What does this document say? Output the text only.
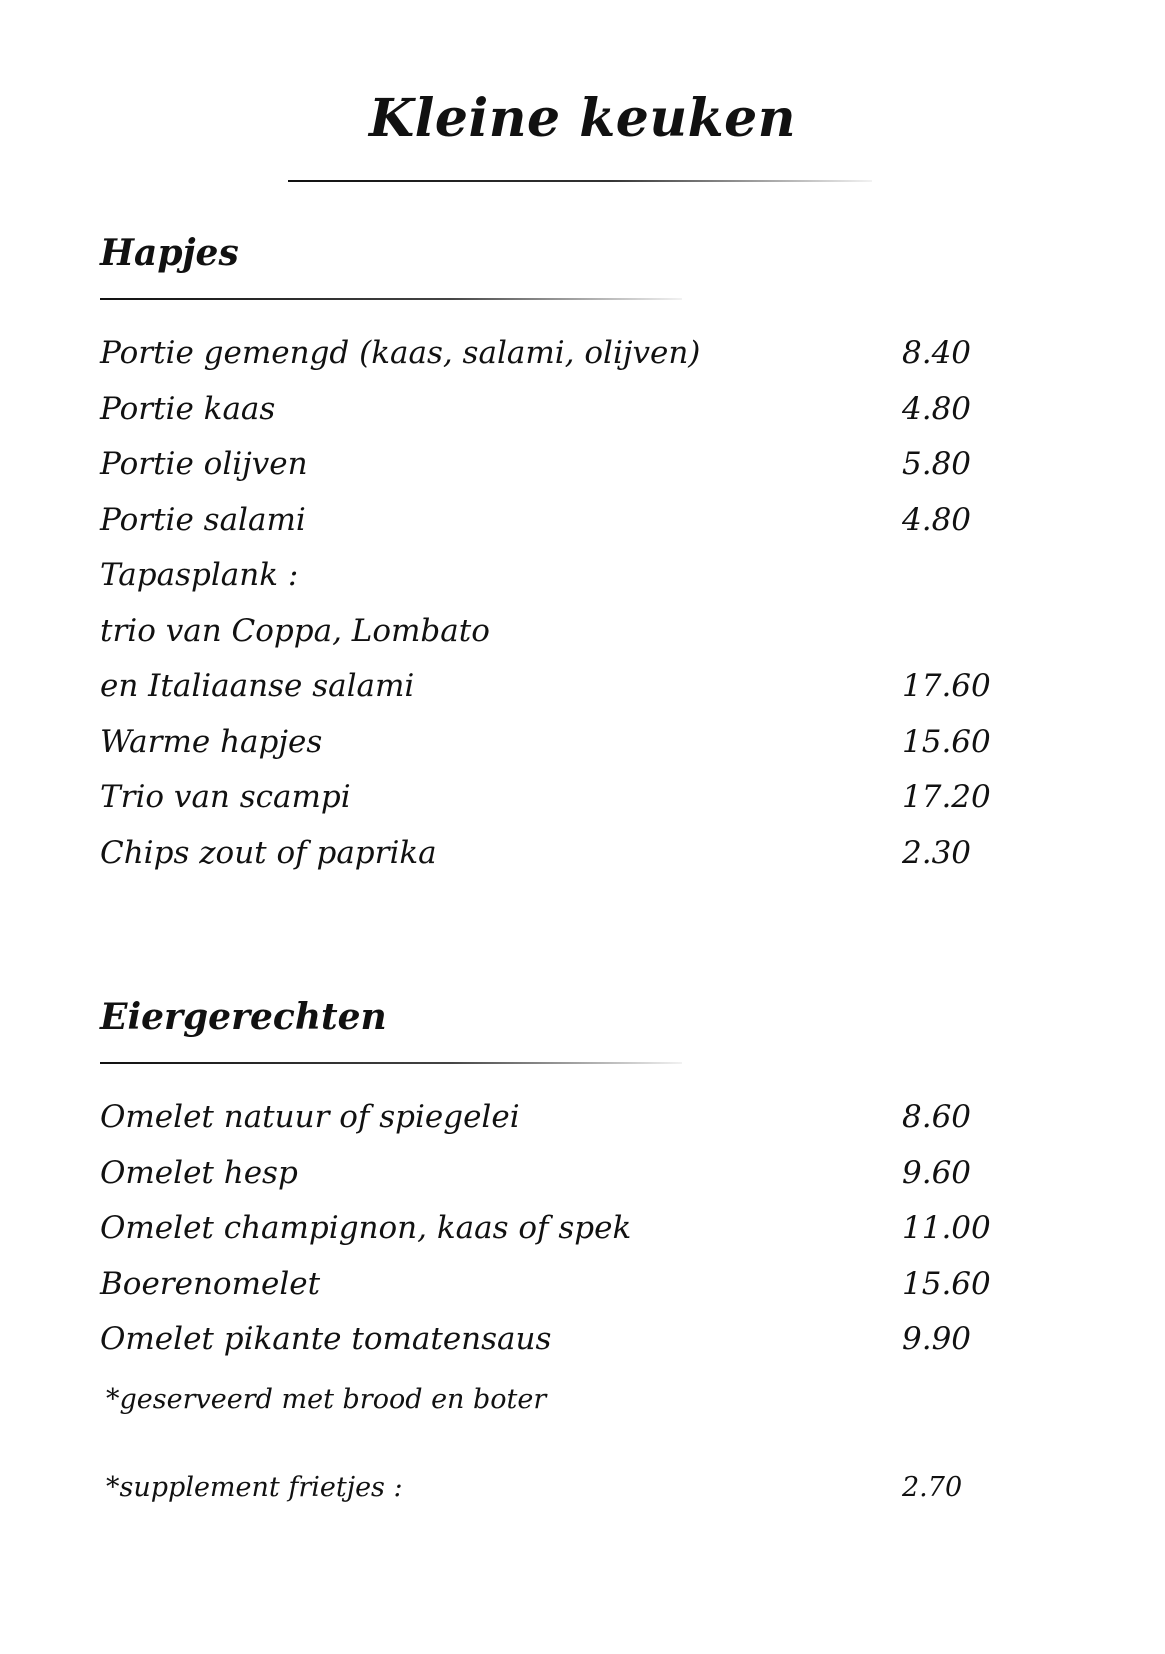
Kleine keuken
Hapjes
Portie gemengd (kaas, salami, olijven)	8.40
Portie kaas	4.80
Portie olijven	5.80
Portie salami	4.80
Tapasplank :
trio van Coppa, Lombato
en Italiaanse salami	17.60
Warme hapjes	15.60
Trio van scampi	17.20
Chips zout of paprika	2.30
Eiergerechten
Omelet natuur of spiegelei	8.60
Omelet hesp	9.60
Omelet champignon, kaas of spek	11.00
Boerenomelet	15.60
Omelet pikante tomatensaus	9.90
*geserveerd met brood en boter
*supplement frietjes :	2.70
